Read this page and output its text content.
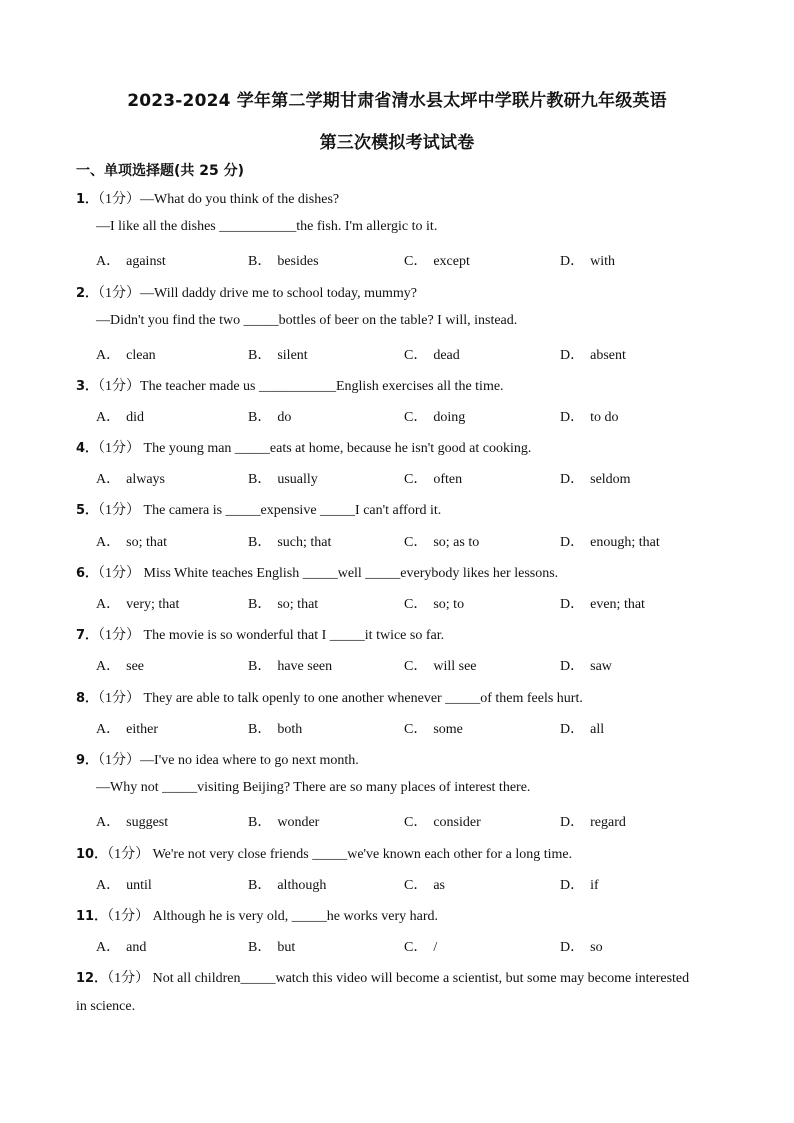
2023-2024 学年第二学期甘肃省清水县太坪中学联片教研九年级英语
第三次模拟考试试卷
一、单项选择题(共 25 分)
1．（1分）—What do you think of the dishes?
—I like all the dishes ___________the fish. I'm allergic to it.
A． against	B． besides	C． except	D． with
2．（1分）—Will daddy drive me to school today, mummy?
—Didn't you find the two _____bottles of beer on the table? I will, instead.
A． clean	B． silent	C． dead	D． absent
3．（1分）The teacher made us ___________English exercises all the time.
A． did	B． do	C． doing	D． to do
4．（1分） The young man _____eats at home, because he isn't good at cooking.
A． always	B． usually	C． often	D． seldom
5．（1分） The camera is _____expensive _____I can't afford it.
A． so; that	B． such; that	C． so; as to	D． enough; that
6．（1分） Miss White teaches English _____well _____everybody likes her lessons.
A． very; that	B． so; that	C． so; to	D． even; that
7．（1分） The movie is so wonderful that I _____it twice so far.
A． see	B． have seen	C． will see	D． saw
8．（1分） They are able to talk openly to one another whenever _____of them feels hurt.
A． either	B． both	C． some	D． all
9．（1分）—I've no idea where to go next month.
—Why not _____visiting Beijing? There are so many places of interest there.
A． suggest	B． wonder	C． consider	D． regard
10．（1分） We're not very close friends _____we've known each other for a long time.
A． until	B． although	C． as	D． if
11．（1分） Although he is very old, _____he works very hard.
A． and	B． but	C． /	D． so
12．（1分） Not all children_____watch this video will become a scientist, but some may become interested
in science.
